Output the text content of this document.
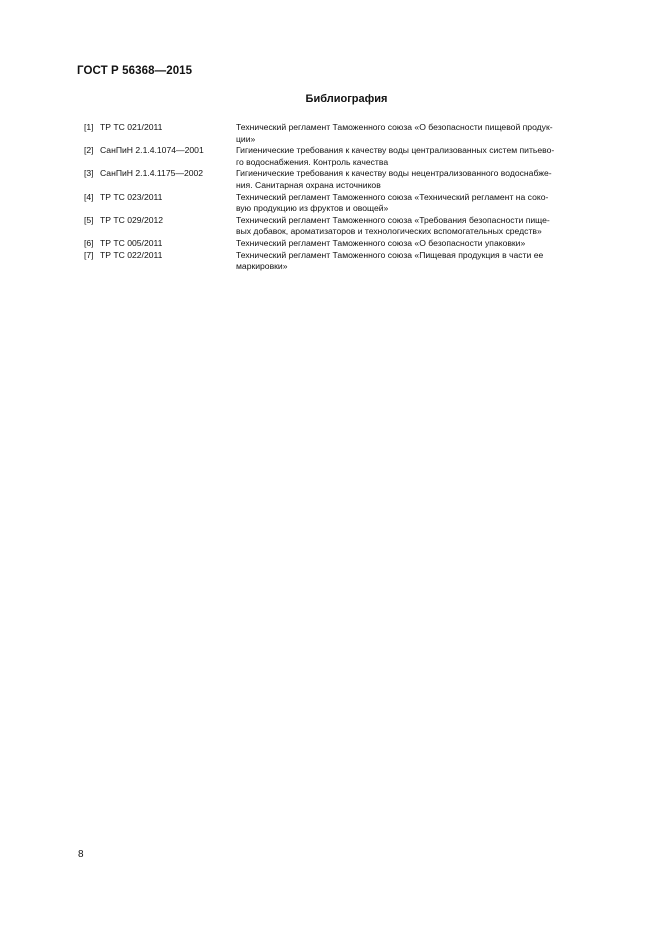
ГОСТ Р 56368—2015
Библиография
[1] ТР ТС 021/2011	Технический регламент Таможенного союза «О безопасности пищевой продук-
ции»
[2] СанПиН 2.1.4.1074—2001	Гигиенические требования к качеству воды централизованных систем питьево-
го водоснабжения. Контроль качества
[3] СанПиН 2.1.4.1175—2002	Гигиенические требования к качеству воды нецентрализованного водоснабже-
ния. Санитарная охрана источников
[4] ТР ТС 023/2011	Технический регламент Таможенного союза «Технический регламент на соко-
вую продукцию из фруктов и овощей»
[5] ТР ТС 029/2012	Технический регламент Таможенного союза «Требования безопасности пище-
вых добавок, ароматизаторов и технологических вспомогательных средств»
[6] ТР ТС 005/2011	Технический регламент Таможенного союза «О безопасности упаковки»
[7] ТР ТС 022/2011	Технический регламент Таможенного союза «Пищевая продукция в части ее
маркировки»
8
